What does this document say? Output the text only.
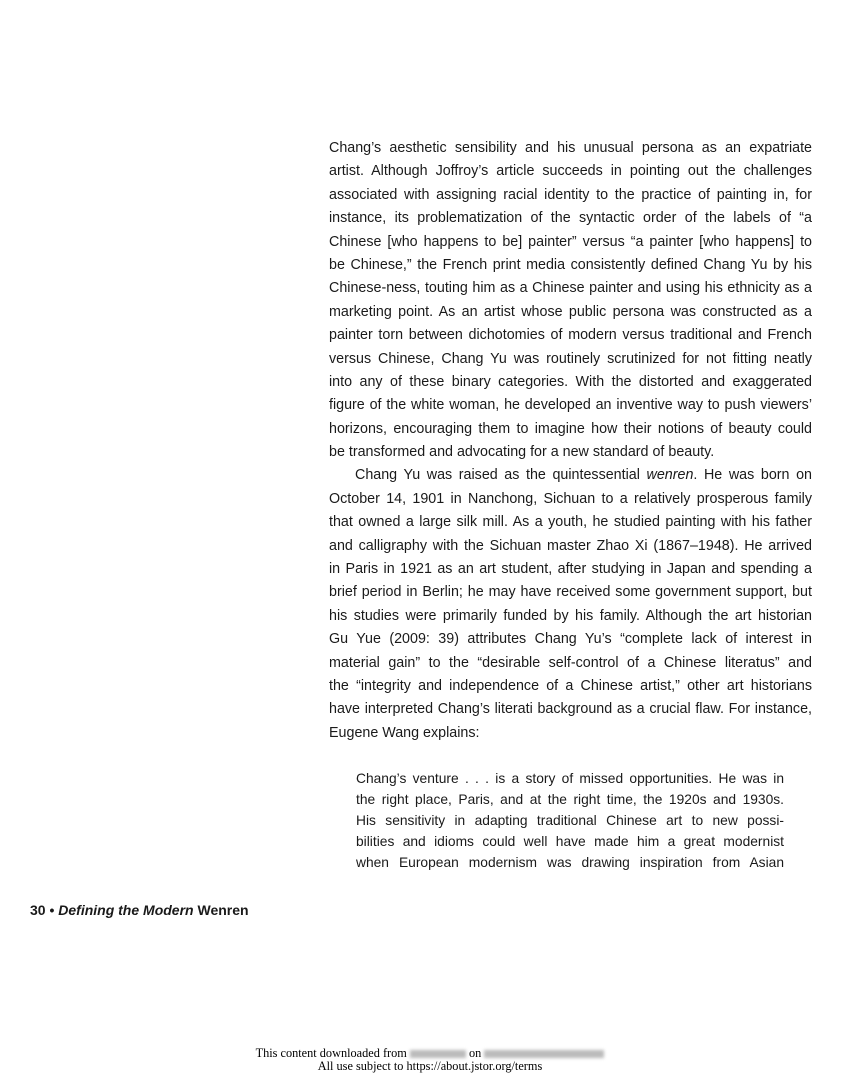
Chang’s aesthetic sensibility and his unusual persona as an expatriate
artist. Although Joffroy’s article succeeds in pointing out the challenges
associated with assigning racial identity to the practice of painting in, for
instance, its problematization of the syntactic order of the labels of “a
Chinese [who happens to be] painter” versus “a painter [who happens] to
be Chinese,” the French print media consistently defined Chang Yu by his
Chinese-ness, touting him as a Chinese painter and using his ethnicity as a
marketing point. As an artist whose public persona was constructed as a
painter torn between dichotomies of modern versus traditional and French
versus Chinese, Chang Yu was routinely scrutinized for not fitting neatly
into any of these binary categories. With the distorted and exaggerated
figure of the white woman, he developed an inventive way to push viewers’
horizons, encouraging them to imagine how their notions of beauty could
be transformed and advocating for a new standard of beauty.
Chang Yu was raised as the quintessential wenren. He was born on
October 14, 1901 in Nanchong, Sichuan to a relatively prosperous family
that owned a large silk mill. As a youth, he studied painting with his father
and calligraphy with the Sichuan master Zhao Xi (1867–1948). He arrived
in Paris in 1921 as an art student, after studying in Japan and spending a
brief period in Berlin; he may have received some government support, but
his studies were primarily funded by his family. Although the art historian
Gu Yue (2009: 39) attributes Chang Yu’s “complete lack of interest in
material gain” to the “desirable self-control of a Chinese literatus” and
the “integrity and independence of a Chinese artist,” other art historians
have interpreted Chang’s literati background as a crucial flaw. For instance,
Eugene Wang explains:
Chang’s venture . . . is a story of missed opportunities. He was in
the right place, Paris, and at the right time, the 1920s and 1930s.
His sensitivity in adapting traditional Chinese art to new possi-
bilities and idioms could well have made him a great modernist
when European modernism was drawing inspiration from Asian
30 • Defining the Modern Wenren
This content downloaded from	on
All use subject to https://about.jstor.org/terms
